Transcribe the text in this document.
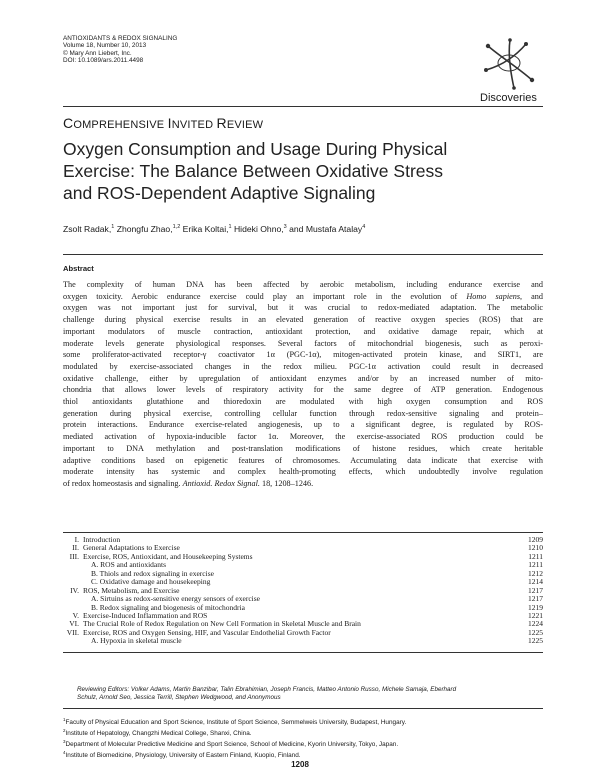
ANTIOXIDANTS & REDOX SIGNALING
Volume 18, Number 10, 2013
© Mary Ann Liebert, Inc.
DOI: 10.1089/ars.2011.4498
Discoveries
COMPREHENSIVE INVITED REVIEW
Oxygen Consumption and Usage During Physical
Exercise: The Balance Between Oxidative Stress
and ROS-Dependent Adaptive Signaling
Zsolt Radak,$^1$ Zhongfu Zhao,$^{1,2}$ Erika Koltai,$^1$ Hideki Ohno,$^3$ and Mustafa Atalay$^4$
Abstract
The complexity of human DNA has been affected by aerobic metabolism, including endurance exercise and
oxygen toxicity. Aerobic endurance exercise could play an important role in the evolution of Homo sapiens, and
oxygen was not important just for survival, but it was crucial to redox-mediated adaptation. The metabolic
challenge during physical exercise results in an elevated generation of reactive oxygen species (ROS) that are
important modulators of muscle contraction, antioxidant protection, and oxidative damage repair, which at
moderate levels generate physiological responses. Several factors of mitochondrial biogenesis, such as peroxi-
some proliferator-activated receptor-γ coactivator 1α (PGC-1α), mitogen-activated protein kinase, and SIRT1, are
modulated by exercise-associated changes in the redox milieu. PGC-1α activation could result in decreased
oxidative challenge, either by upregulation of antioxidant enzymes and/or by an increased number of mito-
chondria that allows lower levels of respiratory activity for the same degree of ATP generation. Endogenous
thiol antioxidants glutathione and thioredoxin are modulated with high oxygen consumption and ROS
generation during physical exercise, controlling cellular function through redox-sensitive signaling and protein–
protein interactions. Endurance exercise-related angiogenesis, up to a significant degree, is regulated by ROS-
mediated activation of hypoxia-inducible factor 1α. Moreover, the exercise-associated ROS production could be
important to DNA methylation and post-translation modifications of histone residues, which create heritable
adaptive conditions based on epigenetic features of chromosomes. Accumulating data indicate that exercise with
moderate intensity has systemic and complex health-promoting effects, which undoubtedly involve regulation
of redox homeostasis and signaling. Antioxid. Redox Signal. 18, 1208–1246.
I. Introduction	1209
II. General Adaptations to Exercise	1210
III. Exercise, ROS, Antioxidant, and Housekeeping Systems	1211
A. ROS and antioxidants	1211
B. Thiols and redox signaling in exercise	1212
C. Oxidative damage and housekeeping	1214
IV. ROS, Metabolism, and Exercise	1217
A. Sirtuins as redox-sensitive energy sensors of exercise	1217
B. Redox signaling and biogenesis of mitochondria	1219
V. Exercise-Induced Inflammation and ROS	1221
VI. The Crucial Role of Redox Regulation on New Cell Formation in Skeletal Muscle and Brain	1224
VII. Exercise, ROS and Oxygen Sensing, HIF, and Vascular Endothelial Growth Factor	1225
A. Hypoxia in skeletal muscle	1225
Reviewing Editors: Volker Adams, Martin Banzibar, Talin Ebrahimian, Joseph Francis, Matteo Antonio Russo, Michele Samaja, Eberhard
Schulz, Arnold Seo, Jessica Terrill, Stephen Wedgwood, and Anonymous
$^1$Faculty of Physical Education and Sport Science, Institute of Sport Science, Semmelweis University, Budapest, Hungary.
$^2$Institute of Hepatology, Changzhi Medical College, Shanxi, China.
$^3$Department of Molecular Predictive Medicine and Sport Science, School of Medicine, Kyorin University, Tokyo, Japan.
$^4$Institute of Biomedicine, Physiology, University of Eastern Finland, Kuopio, Finland.
1208
